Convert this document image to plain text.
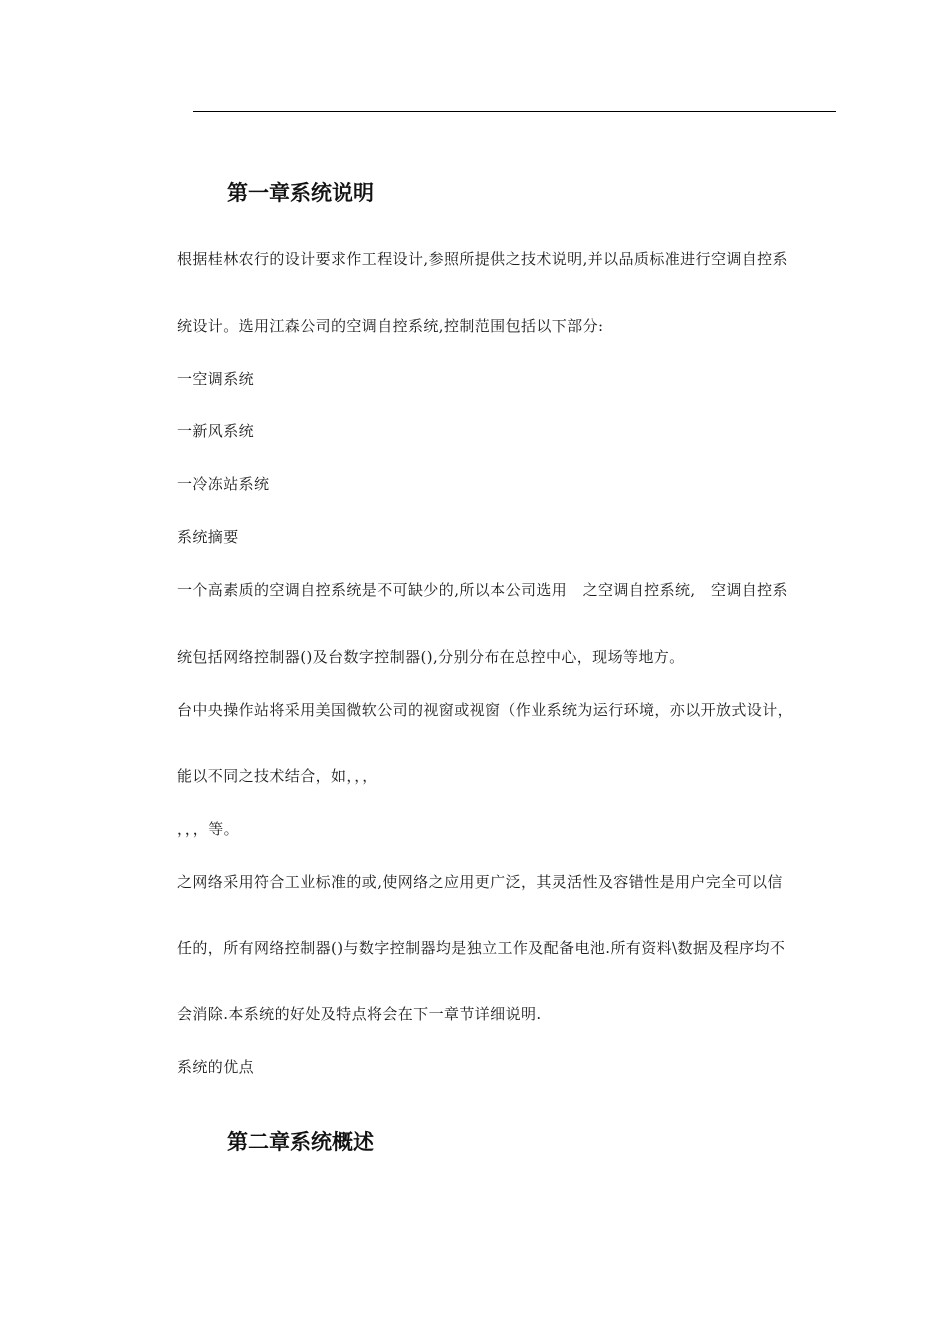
第一章系统说明
根据桂林农行的设计要求作工程设计,参照所提供之技术说明,并以品质标准进行空调自控系
统设计。选用江森公司的空调自控系统,控制范围包括以下部分:
一空调系统
一新风系统
一冷冻站系统
系统摘要
一个高素质的空调自控系统是不可缺少的,所以本公司选用　之空调自控系统,　空调自控系
统包括网络控制器()及台数字控制器(),分别分布在总控中心，现场等地方。
台中央操作站将采用美国微软公司的视窗或视窗（作业系统为运行环境，亦以开放式设计，
能以不同之技术结合，如，，，
，，，等。
之网络采用符合工业标准的或,使网络之应用更广泛，其灵活性及容错性是用户完全可以信
任的，所有网络控制器()与数字控制器均是独立工作及配备电池.所有资料\数据及程序均不
会消除.本系统的好处及特点将会在下一章节详细说明.
系统的优点
第二章系统概述
